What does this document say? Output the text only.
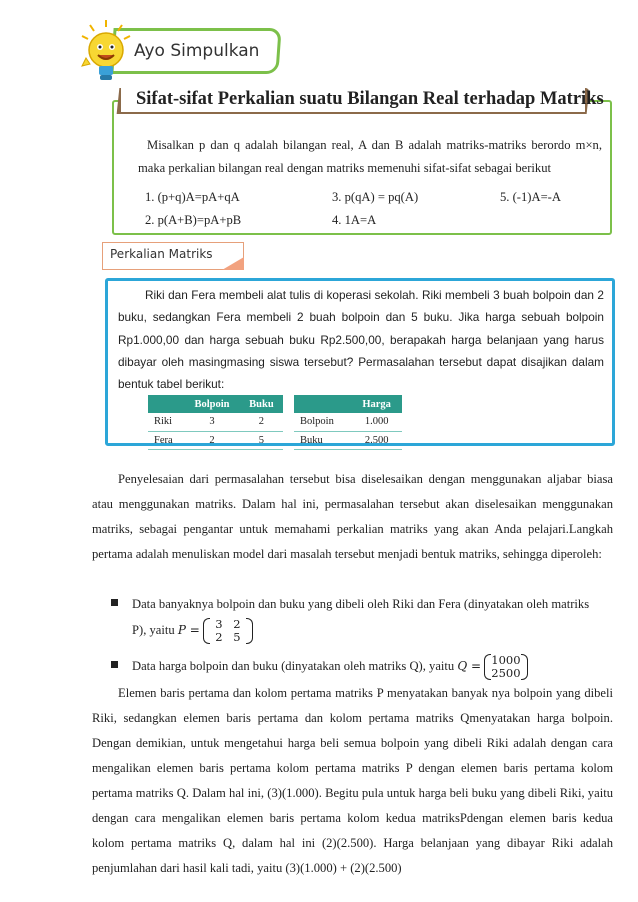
Ayo Simpulkan
Sifat-sifat Perkalian suatu Bilangan Real terhadap Matriks
Misalkan p dan q adalah bilangan real, A dan B adalah matriks-matriks berordo m×n, maka perkalian bilangan real dengan matriks memenuhi sifat-sifat sebagai berikut
1. (p+q)A=pA+qA	3. p(qA) = pq(A)	5. (-1)A=-A
2. p(A+B)=pA+pB	4. 1A=A
Perkalian Matriks
Riki dan Fera membeli alat tulis di koperasi sekolah. Riki membeli 3 buah bolpoin dan 2 buku, sedangkan Fera membeli 2 buah bolpoin dan 5 buku. Jika harga sebuah bolpoin Rp1.000,00 dan harga sebuah buku Rp2.500,00, berapakah harga belanjaan yang harus dibayar oleh masingmasing siswa tersebut? Permasalahan tersebut dapat disajikan dalam bentuk tabel berikut:
	Bolpoin	Buku
Riki	3	2
Fera	2	5
	Harga
Bolpoin	1.000
Buku	2.500
Penyelesaian dari permasalahan tersebut bisa diselesaikan dengan menggunakan aljabar biasa atau menggunakan matriks. Dalam hal ini, permasalahan tersebut akan diselesaikan menggunakan matriks, sebagai pengantar untuk memahami perkalian matriks yang akan Anda pelajari.Langkah pertama adalah menuliskan model dari masalah tersebut menjadi bentuk matriks, sehingga diperoleh:
Data banyaknya bolpoin dan buku yang dibeli oleh Riki dan Fera (dinyatakan oleh matriks
P), yaitu P =	3 2
2 5
Data harga bolpoin dan buku (dinyatakan oleh matriks Q), yaitu Q = 1000
2500
Elemen baris pertama dan kolom pertama matriks P menyatakan banyak nya bolpoin yang dibeli Riki, sedangkan elemen baris pertama dan kolom pertama matriks Qmenyatakan harga bolpoin. Dengan demikian, untuk mengetahui harga beli semua bolpoin yang dibeli Riki adalah dengan cara mengalikan elemen baris pertama kolom pertama matriks P dengan elemen baris pertama kolom pertama matriks Q. Dalam hal ini, (3)(1.000). Begitu pula untuk harga beli buku yang dibeli Riki, yaitu dengan cara mengalikan elemen baris pertama kolom kedua matriksPdengan elemen baris kedua kolom pertama matriks Q, dalam hal ini (2)(2.500). Harga belanjaan yang dibayar Riki adalah penjumlahan dari hasil kali tadi, yaitu (3)(1.000) + (2)(2.500)
